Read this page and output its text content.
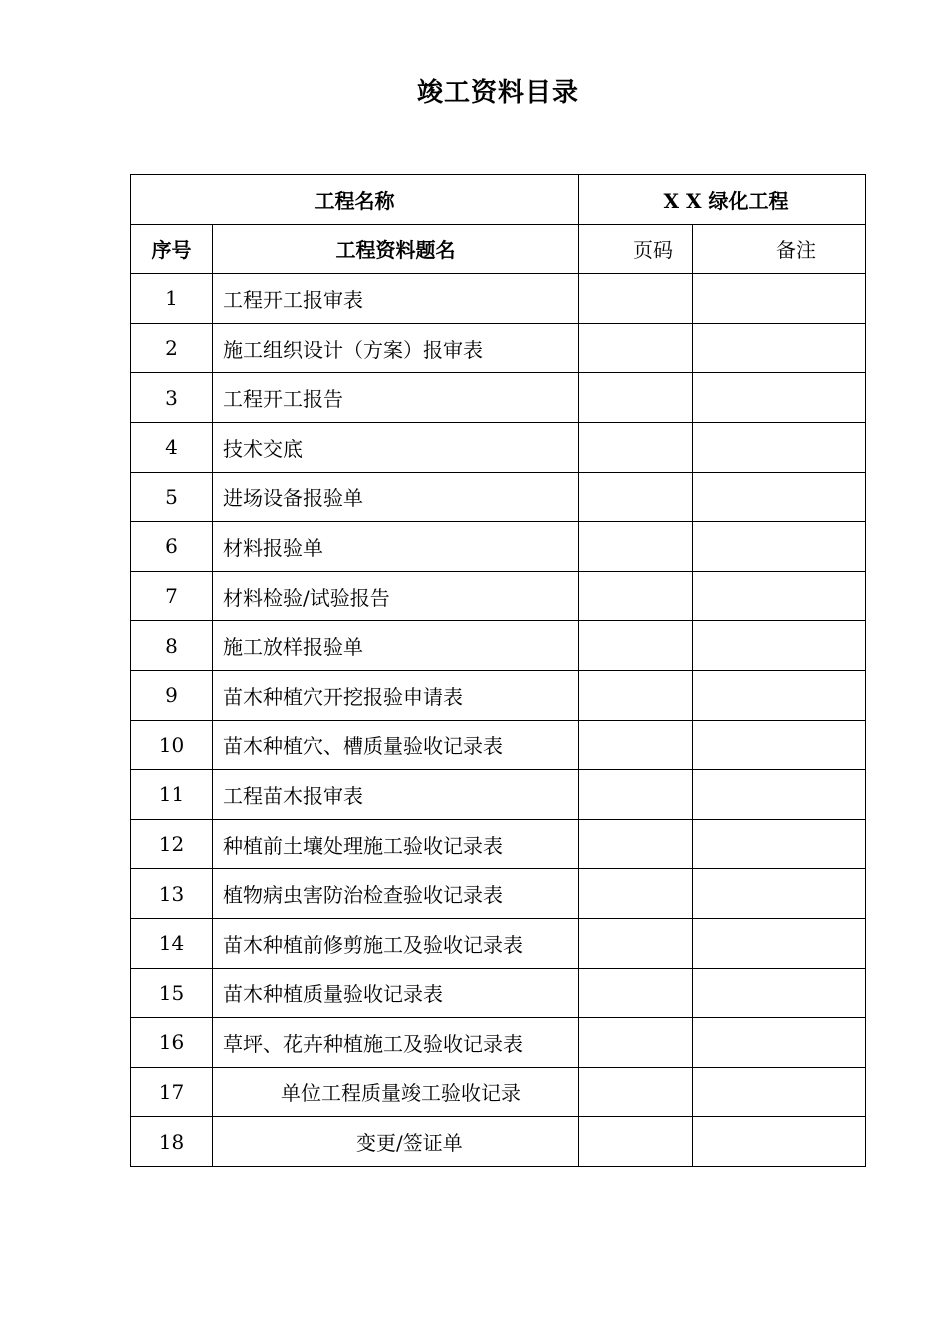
竣工资料目录
工程名称		X X 绿化工程	
序号	工程资料题名	页码	备注
1	工程开工报审表		
2	施工组织设计（方案）报审表		
3	工程开工报告		
4	技术交底		
5	进场设备报验单		
6	材料报验单		
7	材料检验/试验报告		
8	施工放样报验单		
9	苗木种植穴开挖报验申请表		
10	苗木种植穴、槽质量验收记录表		
11	工程苗木报审表		
12	种植前土壤处理施工验收记录表		
13	植物病虫害防治检查验收记录表		
14	苗木种植前修剪施工及验收记录表		
15	苗木种植质量验收记录表		
16	草坪、花卉种植施工及验收记录表		
17	单位工程质量竣工验收记录		
18	变更/签证单		
